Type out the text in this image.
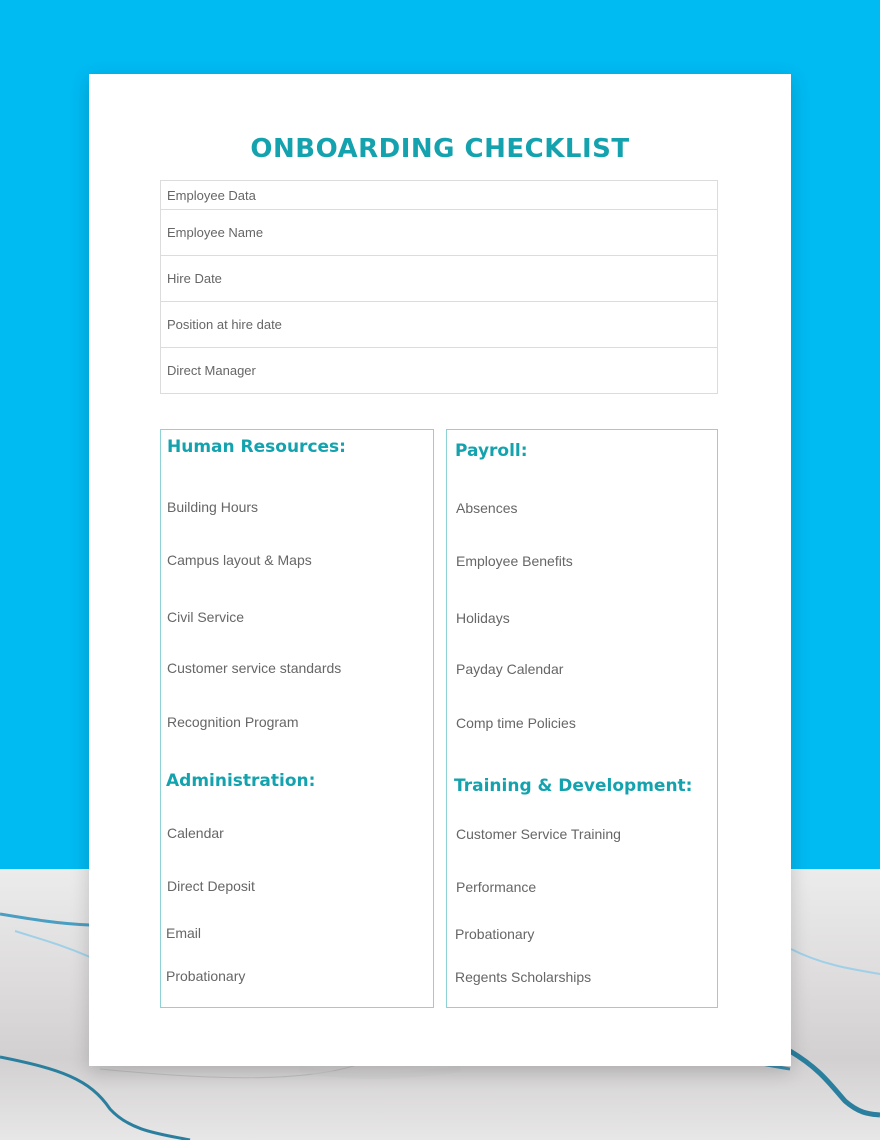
ONBOARDING CHECKLIST
Employee Data
Employee Name
Hire Date
Position at hire date
Direct Manager
Human Resources:
Building Hours
Campus layout & Maps
Civil Service
Customer service standards
Recognition Program
Administration:
Calendar
Direct Deposit
Email
Probationary
Payroll:
Absences
Employee Benefits
Holidays
Payday Calendar
Comp time Policies
Training & Development:
Customer Service Training
Performance
Probationary
Regents Scholarships
